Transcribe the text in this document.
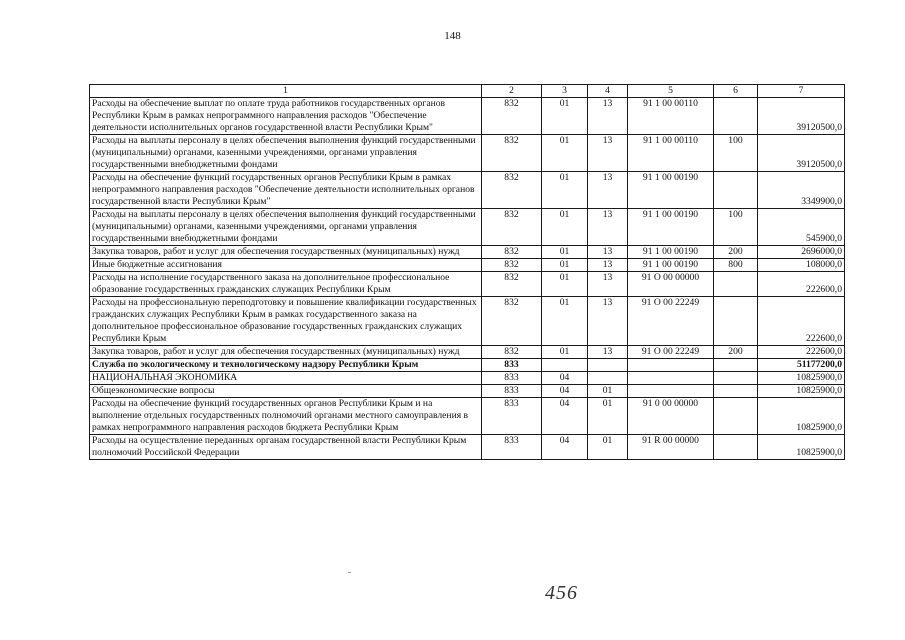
148
1	2	3	4	5	6	7
Расходы на обеспечение выплат по оплате труда работников государственных органов Республики Крым в рамках непрограммного направления расходов "Обеспечение деятельности исполнительных органов государственной власти Республики Крым"	832	01	13	91 1 00 00110		39120500,0
Расходы на выплаты персоналу в целях обеспечения выполнения функций государственными (муниципальными) органами, казенными учреждениями, органами управления государственными внебюджетными фондами	832	01	13	91 1 00 00110	100	39120500,0
Расходы на обеспечение функций государственных органов Республики Крым в рамках непрограммного направления расходов "Обеспечение деятельности исполнительных органов государственной власти Республики Крым"	832	01	13	91 1 00 00190		3349900,0
Расходы на выплаты персоналу в целях обеспечения выполнения функций государственными (муниципальными) органами, казенными учреждениями, органами управления государственными внебюджетными фондами	832	01	13	91 1 00 00190	100	545900,0
Закупка товаров, работ и услуг для обеспечения государственных (муниципальных) нужд	832	01	13	91 1 00 00190	200	2696000,0
Иные бюджетные ассигнования	832	01	13	91 1 00 00190	800	108000,0
Расходы на исполнение государственного заказа на дополнительное профессиональное образование государственных гражданских служащих Республики Крым	832	01	13	91 О 00 00000		222600,0
Расходы на профессиональную переподготовку и повышение квалификации государственных гражданских служащих Республики Крым в рамках государственного заказа на дополнительное профессиональное образование государственных гражданских служащих Республики Крым	832	01	13	91 О 00 22249		222600,0
Закупка товаров, работ и услуг для обеспечения государственных (муниципальных) нужд	832	01	13	91 О 00 22249	200	222600,0
Служба по экологическому и технологическому надзору Республики Крым	833					51177200,0
НАЦИОНАЛЬНАЯ ЭКОНОМИКА	833	04				10825900,0
Общеэкономические вопросы	833	04	01			10825900,0
Расходы на обеспечение функций государственных органов Республики Крым и на выполнение отдельных государственных полномочий органами местного самоуправления в рамках непрограммного направления расходов бюджета Республики Крым	833	04	01	91 0 00 00000		10825900,0
Расходы на осуществление переданных органам государственной власти Республики Крым полномочий Российской Федерации	833	04	01	91 R 00 00000		10825900,0
456
